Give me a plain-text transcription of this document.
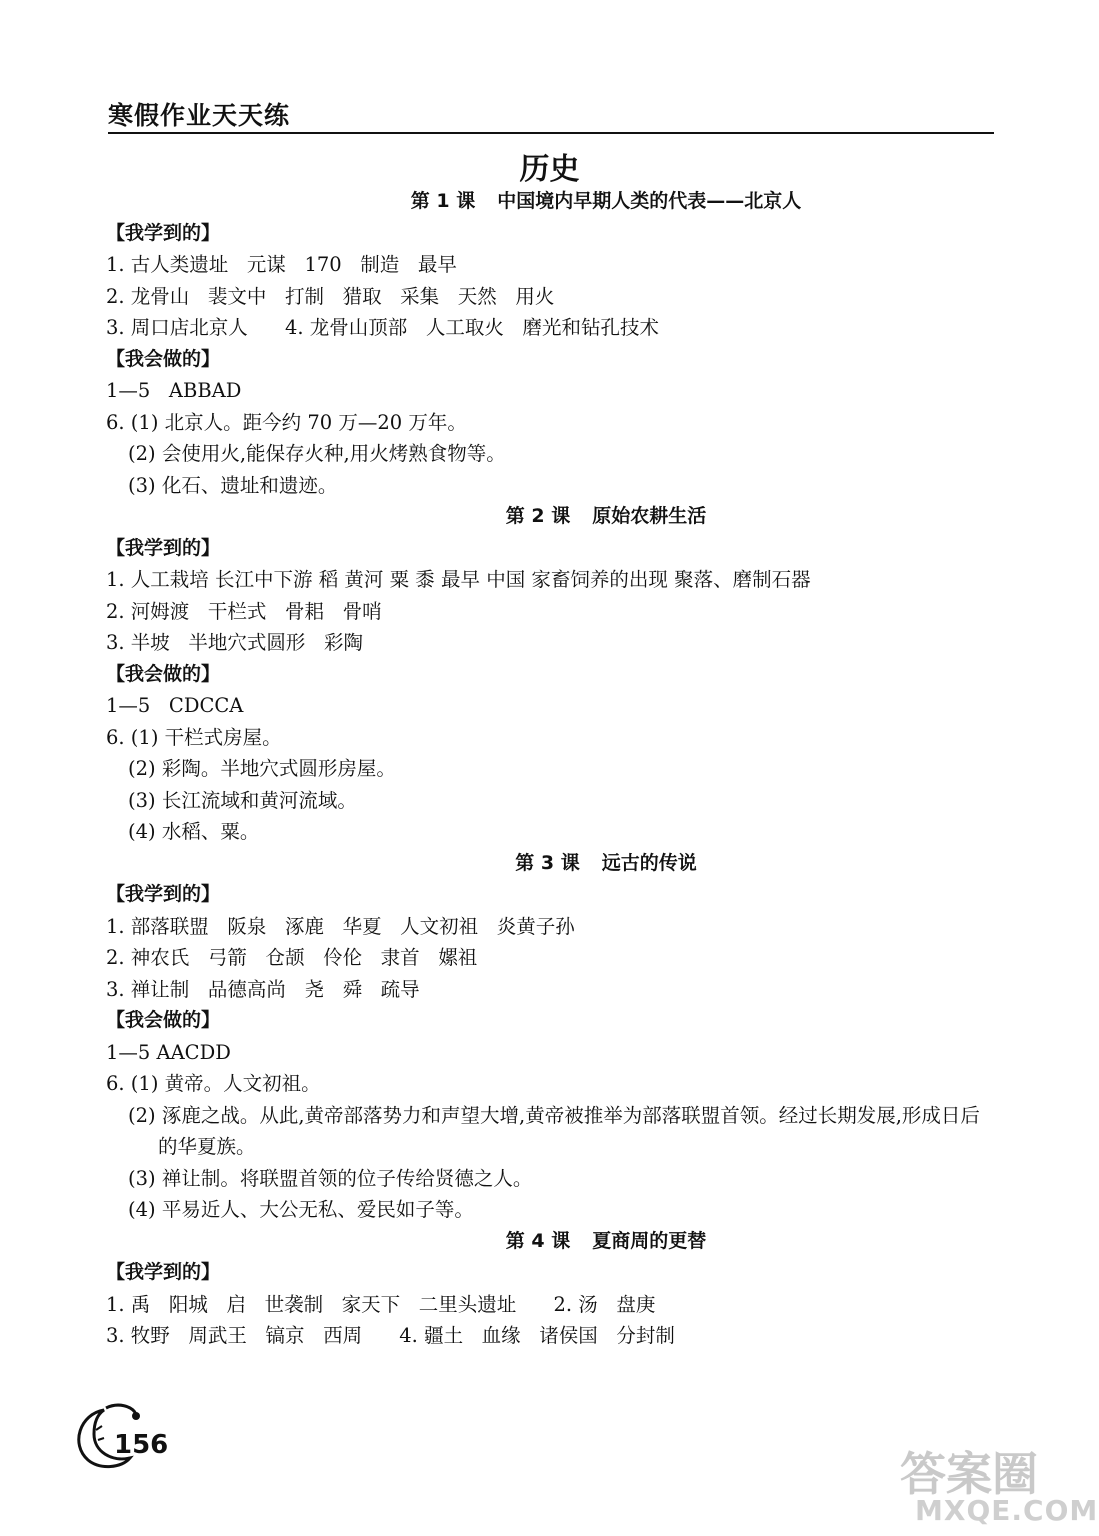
寒假作业天天练
历史
第 1 课 中国境内早期人类的代表——北京人
【我学到的】
1. 古人类遗址   元谋   170   制造   最早
2. 龙骨山   裴文中   打制   猎取   采集   天然   用火
3. 周口店北京人      4. 龙骨山顶部   人工取火   磨光和钻孔技术
【我会做的】
1—5   ABBAD
6. (1) 北京人。距今约 70 万—20 万年。
(2) 会使用火,能保存火种,用火烤熟食物等。
(3) 化石、遗址和遗迹。
第 2 课 原始农耕生活
【我学到的】
1. 人工栽培 长江中下游 稻 黄河 粟 黍 最早 中国 家畜饲养的出现 聚落、磨制石器
2. 河姆渡   干栏式   骨耜   骨哨
3. 半坡   半地穴式圆形   彩陶
【我会做的】
1—5   CDCCA
6. (1) 干栏式房屋。
(2) 彩陶。半地穴式圆形房屋。
(3) 长江流域和黄河流域。
(4) 水稻、粟。
第 3 课 远古的传说
【我学到的】
1. 部落联盟   阪泉   涿鹿   华夏   人文初祖   炎黄子孙
2. 神农氏   弓箭   仓颉   伶伦   隶首   嫘祖
3. 禅让制   品德高尚   尧   舜   疏导
【我会做的】
1—5 AACDD
6. (1) 黄帝。人文初祖。
(2) 涿鹿之战。从此,黄帝部落势力和声望大增,黄帝被推举为部落联盟首领。经过长期发展,形成日后的华夏族。
(3) 禅让制。将联盟首领的位子传给贤德之人。
(4) 平易近人、大公无私、爱民如子等。
第 4 课 夏商周的更替
【我学到的】
1. 禹   阳城   启   世袭制   家天下   二里头遗址      2. 汤   盘庚
3. 牧野   周武王   镐京   西周      4. 疆土   血缘   诸侯国   分封制
156
答案圈
MXQE.COM
